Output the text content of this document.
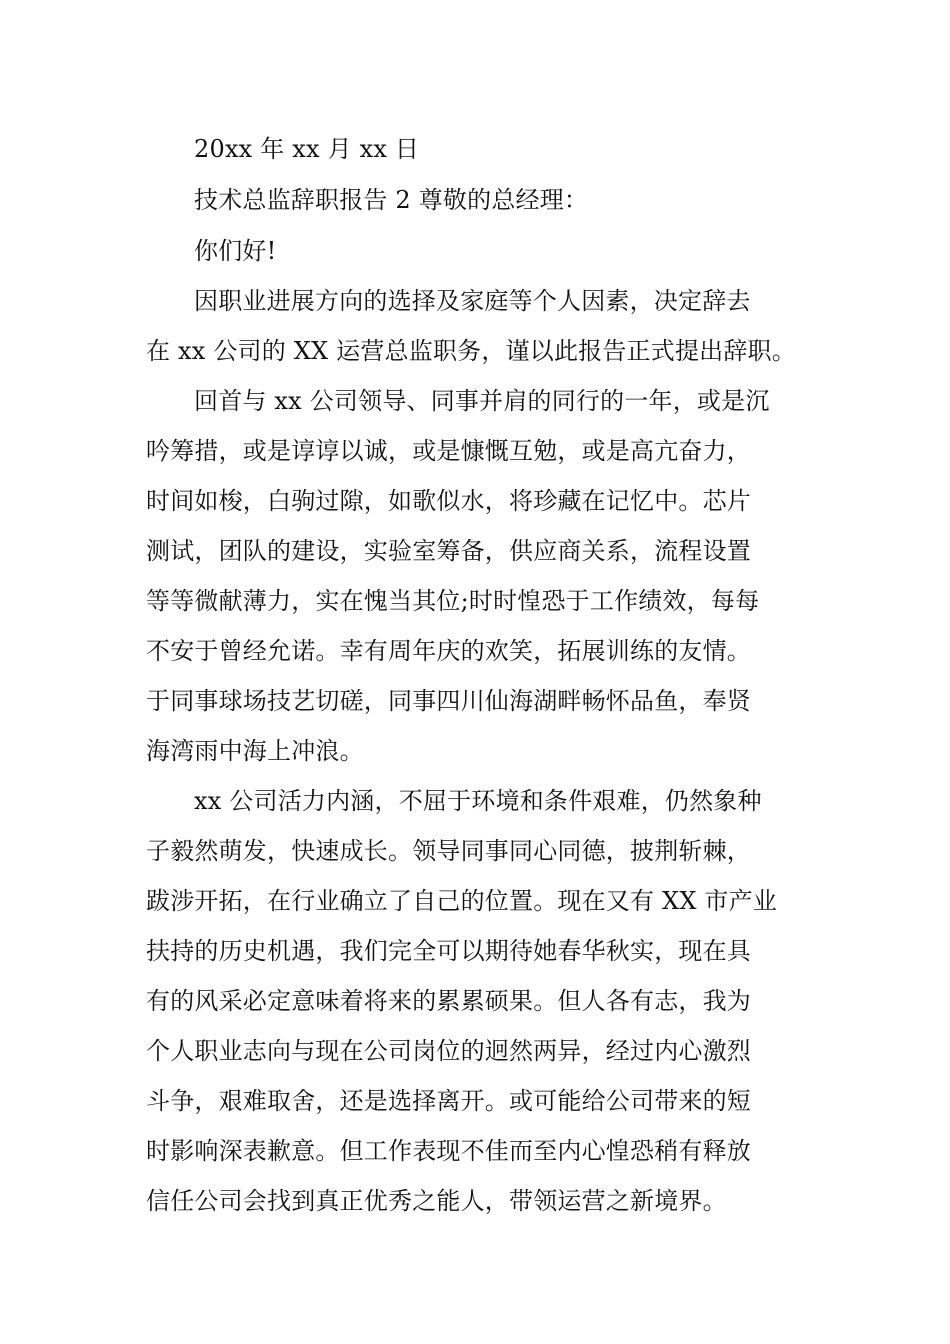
20xx 年 xx 月 xx 日
技术总监辞职报告 2 尊敬的总经理：
你们好!
因职业进展方向的选择及家庭等个人因素，决定辞去
在 xx 公司的 XX 运营总监职务，谨以此报告正式提出辞职。
回首与 xx 公司领导、同事并肩的同行的一年，或是沉
吟筹措，或是谆谆以诚，或是慷慨互勉，或是高亢奋力，
时间如梭，白驹过隙，如歌似水，将珍藏在记忆中。芯片
测试，团队的建设，实验室筹备，供应商关系，流程设置
等等微献薄力，实在愧当其位;时时惶恐于工作绩效，每每
不安于曾经允诺。幸有周年庆的欢笑，拓展训练的友情。
于同事球场技艺切磋，同事四川仙海湖畔畅怀品鱼，奉贤
海湾雨中海上冲浪。
xx 公司活力内涵，不屈于环境和条件艰难，仍然象种
子毅然萌发，快速成长。领导同事同心同德，披荆斩棘，
跋涉开拓，在行业确立了自己的位置。现在又有 XX 市产业
扶持的历史机遇，我们完全可以期待她春华秋实，现在具
有的风采必定意味着将来的累累硕果。但人各有志，我为
个人职业志向与现在公司岗位的迥然两异，经过内心激烈
斗争，艰难取舍，还是选择离开。或可能给公司带来的短
时影响深表歉意。但工作表现不佳而至内心惶恐稍有释放
信任公司会找到真正优秀之能人，带领运营之新境界。
